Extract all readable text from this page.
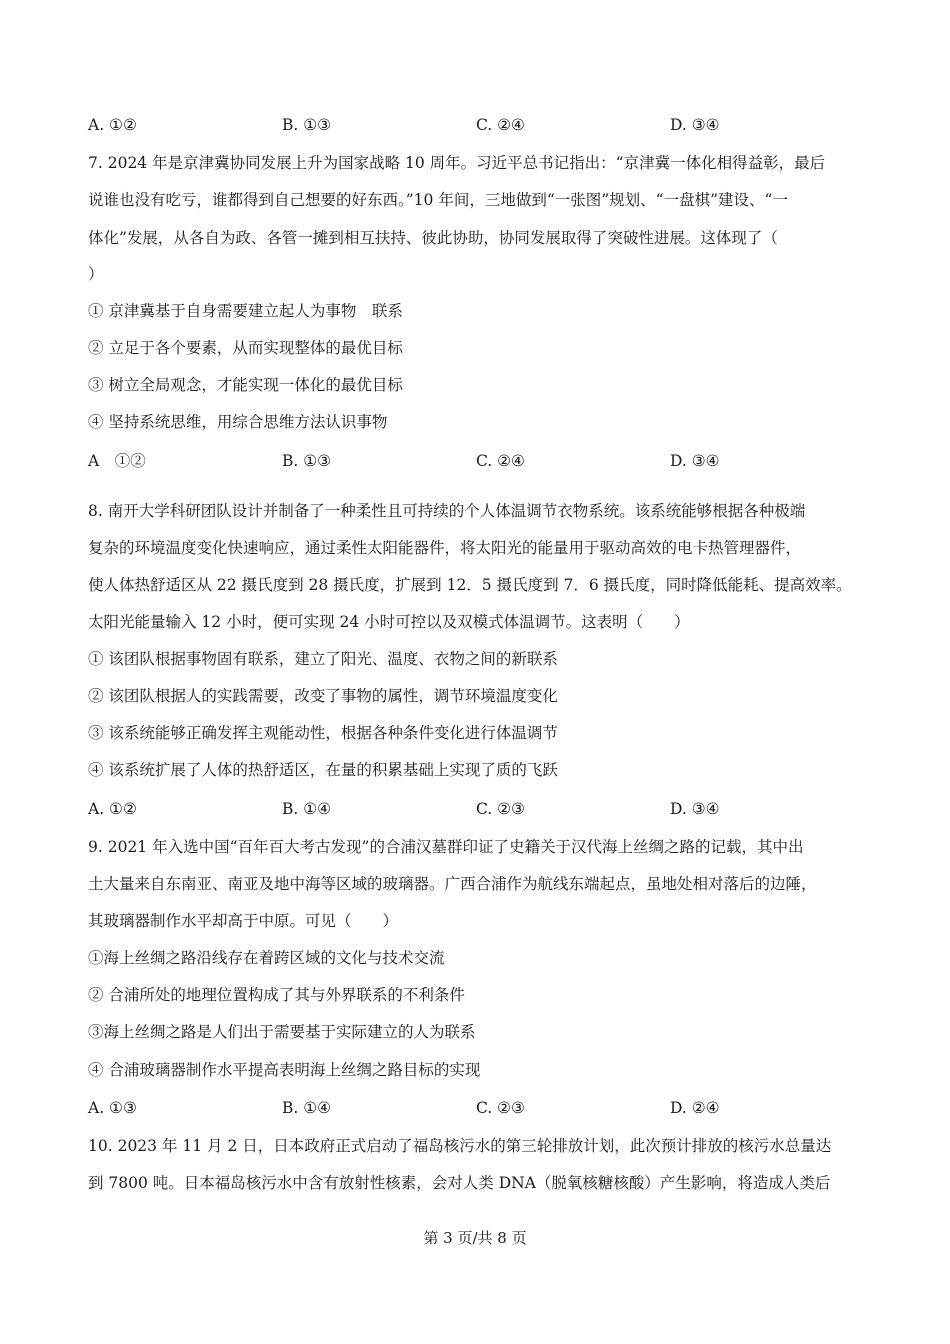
A. ①②	B. ①③	C. ②④	D. ③④
7. 2024 年是京津冀协同发展上升为国家战略 10 周年。习近平总书记指出：“京津冀一体化相得益彰，最后
说谁也没有吃亏，谁都得到自己想要的好东西。”10 年间，三地做到“一张图”规划、“一盘棋”建设、“一
体化”发展，从各自为政、各管一摊到相互扶持、彼此协助，协同发展取得了突破性进展。这体现了（
）
① 京津冀基于自身需要建立起人为事物　联系
② 立足于各个要素，从而实现整体的最优目标
③ 树立全局观念，才能实现一体化的最优目标
④ 坚持系统思维，用综合思维方法认识事物
A　①②	B. ①③	C. ②④	D. ③④
8. 南开大学科研团队设计并制备了一种柔性且可持续的个人体温调节衣物系统。该系统能够根据各种极端
复杂的环境温度变化快速响应，通过柔性太阳能器件，将太阳光的能量用于驱动高效的电卡热管理器件，
使人体热舒适区从 22 摄氏度到 28 摄氏度，扩展到 12．5 摄氏度到 7．6 摄氏度，同时降低能耗、提高效率。
太阳光能量输入 12 小时，便可实现 24 小时可控以及双模式体温调节。这表明（　　）
① 该团队根据事物固有联系，建立了阳光、温度、衣物之间的新联系
② 该团队根据人的实践需要，改变了事物的属性，调节环境温度变化
③ 该系统能够正确发挥主观能动性，根据各种条件变化进行体温调节
④ 该系统扩展了人体的热舒适区，在量的积累基础上实现了质的飞跃
A. ①②	B. ①④	C. ②③	D. ③④
9. 2021 年入选中国“百年百大考古发现”的合浦汉墓群印证了史籍关于汉代海上丝绸之路的记载，其中出
土大量来自东南亚、南亚及地中海等区域的玻璃器。广西合浦作为航线东端起点，虽地处相对落后的边陲，
其玻璃器制作水平却高于中原。可见（　　）
①海上丝绸之路沿线存在着跨区域的文化与技术交流
② 合浦所处的地理位置构成了其与外界联系的不利条件
③海上丝绸之路是人们出于需要基于实际建立的人为联系
④ 合浦玻璃器制作水平提高表明海上丝绸之路目标的实现
A. ①③	B. ①④	C. ②③	D. ②④
10. 2023 年 11 月 2 日，日本政府正式启动了福岛核污水的第三轮排放计划，此次预计排放的核污水总量达
到 7800 吨。日本福岛核污水中含有放射性核素，会对人类 DNA（脱氧核糖核酸）产生影响，将造成人类后
第 3 页/共 8 页
